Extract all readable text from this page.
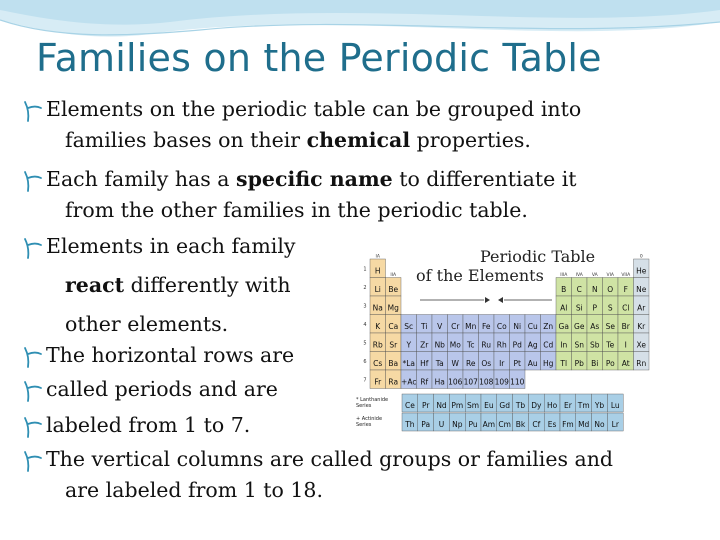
Families on the Periodic Table
Elements on the periodic table can be grouped into
families bases on their chemical properties.
Each family has a specific name to differentiate it
from the other families in the periodic table.
Elements in each family
react differently with
other elements.
The horizontal rows are
called periods and are
labeled from 1 to 7.
The vertical columns are called groups or families and
are labeled from 1 to 18.
Periodic Table
of the Elements
H	He
Li Be	B C N O F Ne
Na Mg	Al Si P S Cl Ar
K Ca Sc Ti V Cr Mn Fe Co Ni Cu Zn Ga Ge As Se Br Kr
Rb Sr Y Zr Nb Mo Tc Ru Rh Pd Ag Cd In Sn Sb Te I Xe
Cs Ba *La Hf Ta W Re Os Ir Pt Au Hg Tl Pb Bi Po At Rn
Fr Ra +Ac Rf Ha 106 107 108 109 110
IA
IIA	IIIA IVA VA VIA VIIA
0
1
2
3
4
5
6
7
Ce Pr Nd Pm Sm Eu Gd Tb Dy Ho Er Tm Yb Lu
Th Pa U Np Pu Am Cm Bk Cf Es Fm Md No Lr
* Lanthanide
Series
+ Actinide
Series
